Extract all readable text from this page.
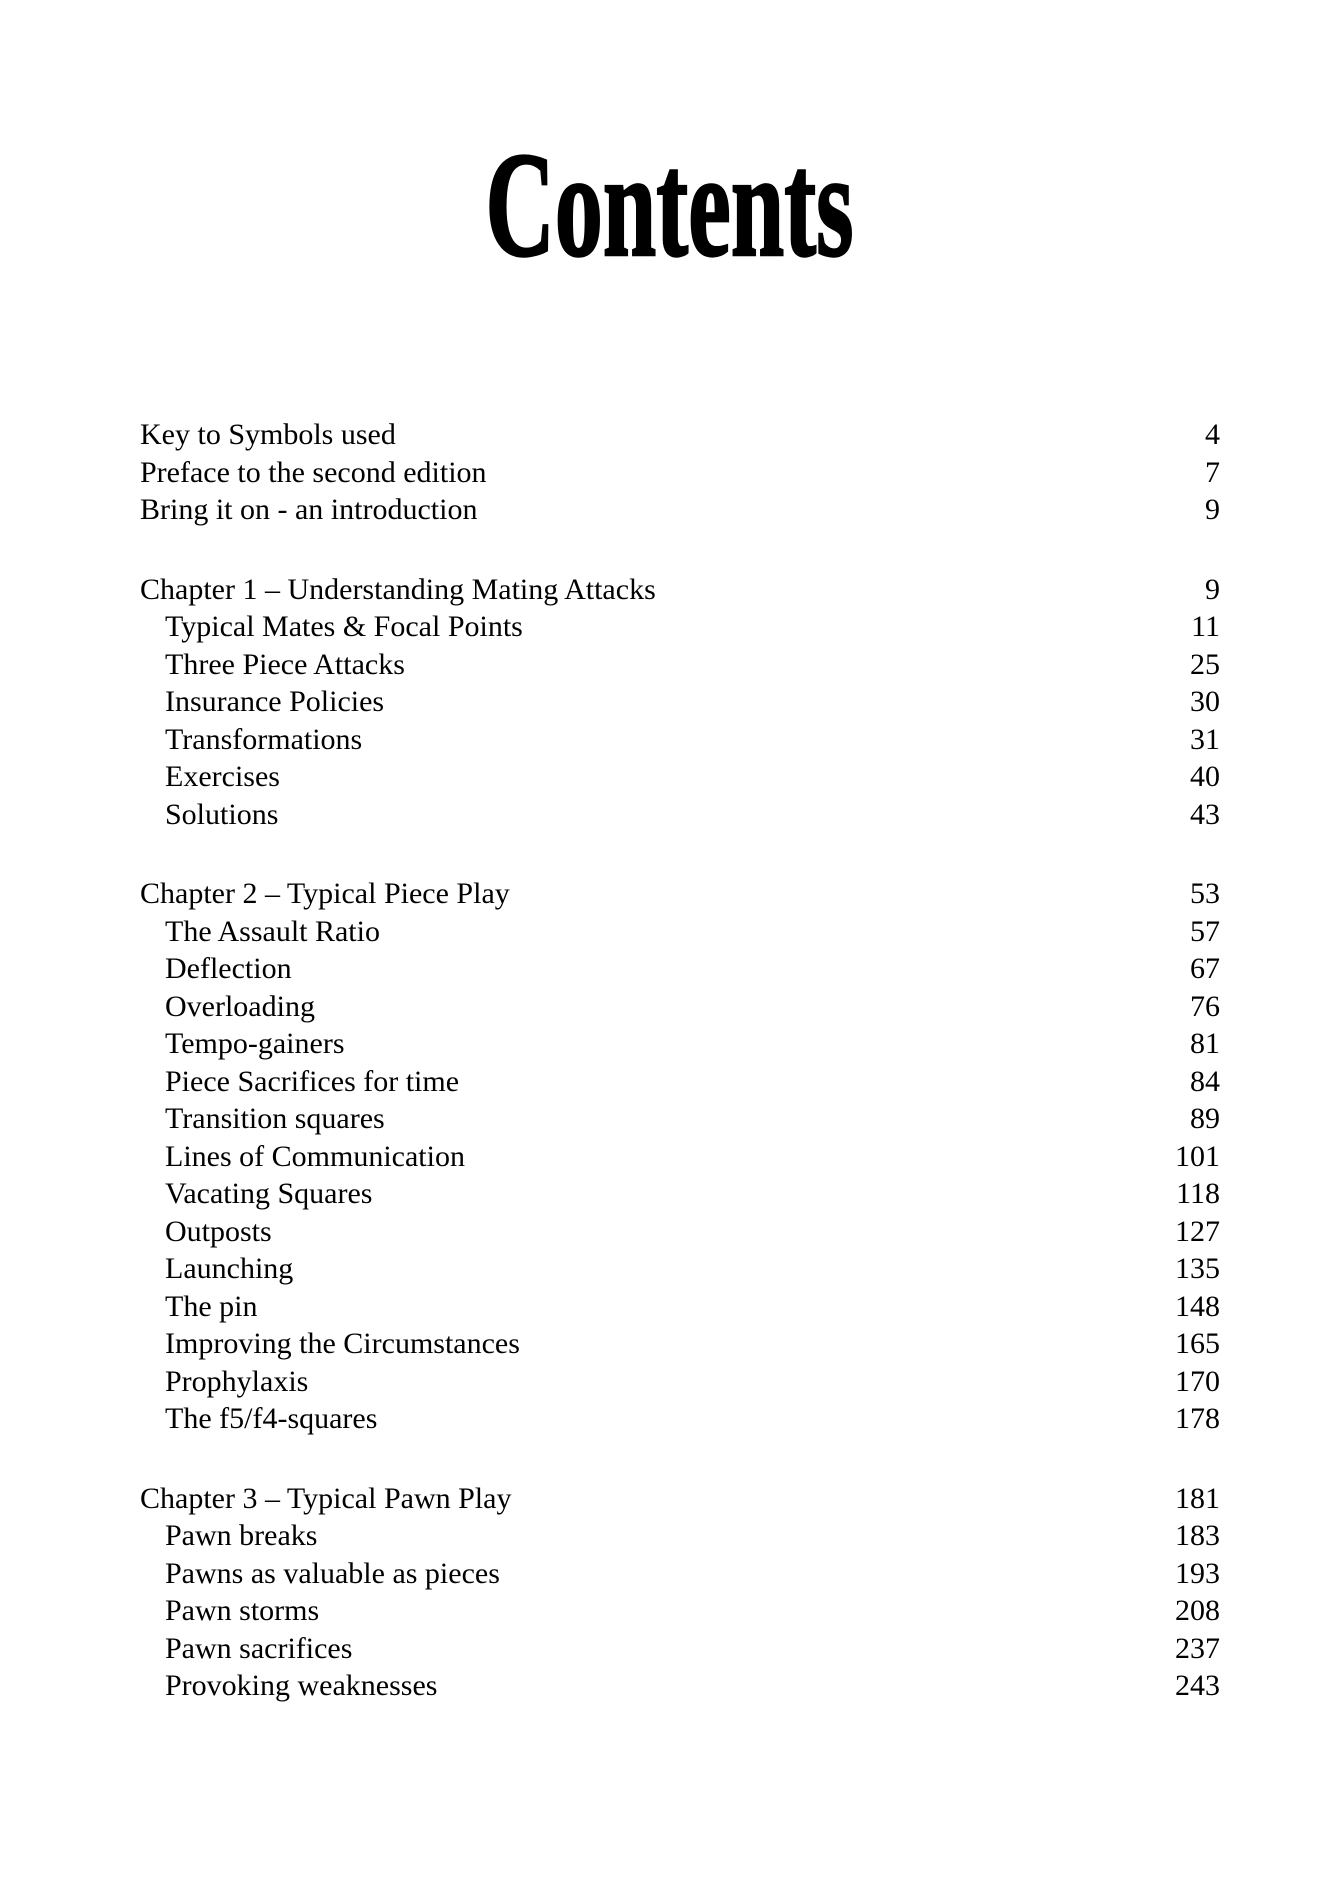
Contents
Key to Symbols used	4
Preface to the second edition	7
Bring it on - an introduction	9
Chapter 1 – Understanding Mating Attacks	9
Typical Mates & Focal Points	11
Three Piece Attacks	25
Insurance Policies	30
Transformations	31
Exercises	40
Solutions	43
Chapter 2 – Typical Piece Play	53
The Assault Ratio	57
Deflection	67
Overloading	76
Tempo-gainers	81
Piece Sacrifices for time	84
Transition squares	89
Lines of Communication	101
Vacating Squares	118
Outposts	127
Launching	135
The pin	148
Improving the Circumstances	165
Prophylaxis	170
The f5/f4-squares	178
Chapter 3 – Typical Pawn Play	181
Pawn breaks	183
Pawns as valuable as pieces	193
Pawn storms	208
Pawn sacrifices	237
Provoking weaknesses	243
